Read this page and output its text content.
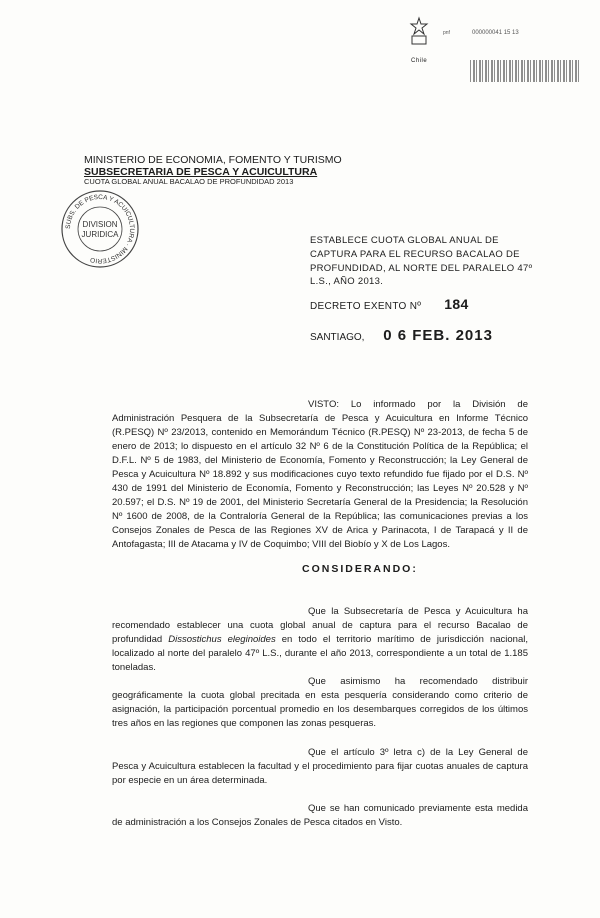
Chile
pnf	000000041 15 13
MINISTERIO DE ECONOMIA, FOMENTO Y TURISMO
SUBSECRETARIA DE PESCA Y ACUICULTURA
CUOTA GLOBAL ANUAL BACALAO DE PROFUNDIDAD 2013
SUBS. DE PESCA Y ACUICULTURA · MINISTERIO
DIVISION
JURIDICA
ESTABLECE CUOTA GLOBAL ANUAL DE CAPTURA PARA EL RECURSO BACALAO DE PROFUNDIDAD, AL NORTE DEL PARALELO 47º L.S., AÑO 2013.
DECRETO EXENTO Nº 184
SANTIAGO, 0 6 FEB. 2013
VISTO: Lo informado por la División de Administración Pesquera de la Subsecretaría de Pesca y Acuicultura en Informe Técnico (R.PESQ) Nº 23/2013, contenido en Memorándum Técnico (R.PESQ) Nº 23-2013, de fecha 5 de enero de 2013; lo dispuesto en el artículo 32 Nº 6 de la Constitución Política de la República; el D.F.L. Nº 5 de 1983, del Ministerio de Economía, Fomento y Reconstrucción; la Ley General de Pesca y Acuicultura Nº 18.892 y sus modificaciones cuyo texto refundido fue fijado por el D.S. Nº 430 de 1991 del Ministerio de Economía, Fomento y Reconstrucción; las Leyes Nº 20.528 y Nº 20.597; el D.S. Nº 19 de 2001, del Ministerio Secretaría General de la Presidencia; la Resolución Nº 1600 de 2008, de la Contraloría General de la República; las comunicaciones previas a los Consejos Zonales de Pesca de las Regiones XV de Arica y Parinacota, I de Tarapacá y II de Antofagasta; III de Atacama y IV de Coquimbo; VIII del Biobío y X de Los Lagos.
CONSIDERANDO:
Que la Subsecretaría de Pesca y Acuicultura ha recomendado establecer una cuota global anual de captura para el recurso Bacalao de profundidad Dissostichus eleginoides en todo el territorio marítimo de jurisdicción nacional, localizado al norte del paralelo 47º L.S., durante el año 2013, correspondiente a un total de 1.185 toneladas.
Que asimismo ha recomendado distribuir geográficamente la cuota global precitada en esta pesquería considerando como criterio de asignación, la participación porcentual promedio en los desembarques corregidos de los últimos tres años en las regiones que componen las zonas pesqueras.
Que el artículo 3º letra c) de la Ley General de Pesca y Acuicultura establecen la facultad y el procedimiento para fijar cuotas anuales de captura por especie en un área determinada.
Que se han comunicado previamente esta medida de administración a los Consejos Zonales de Pesca citados en Visto.
